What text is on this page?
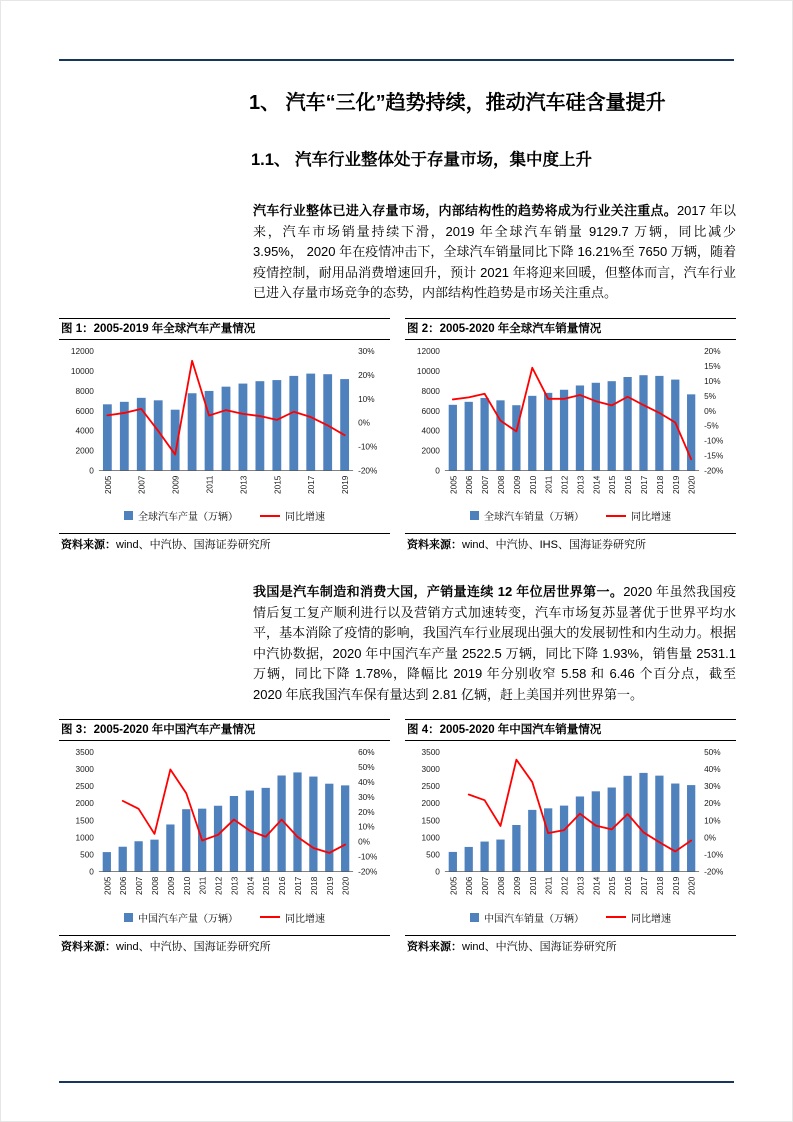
1、 汽车“三化”趋势持续，推动汽车硅含量提升
1.1、 汽车行业整体处于存量市场，集中度上升

汽车行业整体已进入存量市场，内部结构性的趋势将成为行业关注重点。2017 年以来，汽车市场销量持续下滑，2019 年全球汽车销量 9129.7 万辆，同比减少 3.95%， 2020 年在疫情冲击下，全球汽车销量同比下降 16.21%至 7650 万辆，随着疫情控制，耐用品消费增速回升，预计 2021 年将迎来回暖，但整体而言，汽车行业已进入存量市场竞争的态势，内部结构性趋势是市场关注重点。

图 1：2005-2019 年全球汽车产量情况
0
2000
4000
6000
8000
10000
12000
-20%
-10%
0%
10%
20%
30%
2005	2007	2009	2011	2013	2015	2017	2019
全球汽车产量（万辆）	同比增速
资料来源：wind、中汽协、国海证券研究所
图 2：2005-2020 年全球汽车销量情况
0
2000
4000
6000
8000
10000
12000
-20%
-15%
-10%
-5%
0%
5%
10%
15%
20%
2005 2006 2007 2008 2009 2010 2011 2012 2013 2014 2015 2016 2017 2018 2019 2020
全球汽车销量（万辆）	同比增速
资料来源：wind、中汽协、IHS、国海证券研究所

我国是汽车制造和消费大国，产销量连续 12 年位居世界第一。2020 年虽然我国疫情后复工复产顺利进行以及营销方式加速转变，汽车市场复苏显著优于世界平均水平，基本消除了疫情的影响，我国汽车行业展现出强大的发展韧性和内生动力。根据中汽协数据，2020 年中国汽车产量 2522.5 万辆，同比下降 1.93%，销售量 2531.1 万辆，同比下降 1.78%，降幅比 2019 年分别收窄 5.58 和 6.46 个百分点，截至 2020 年底我国汽车保有量达到 2.81 亿辆，赶上美国并列世界第一。

图 3：2005-2020 年中国汽车产量情况
0
500
1000
1500
2000
2500
3000
3500
-20%
-10%
0%
10%
20%
30%
40%
50%
60%
2005 2006 2007 2008 2009 2010 2011 2012 2013 2014 2015 2016 2017 2018 2019 2020
中国汽车产量（万辆）	同比增速
资料来源：wind、中汽协、国海证券研究所
图 4：2005-2020 年中国汽车销量情况
0
500
1000
1500
2000
2500
3000
3500
-20%
-10%
0%
10%
20%
30%
40%
50%
2005 2006 2007 2008 2009 2010 2011 2012 2013 2014 2015 2016 2017 2018 2019 2020
中国汽车销量（万辆）	同比增速
资料来源：wind、中汽协、国海证券研究所
